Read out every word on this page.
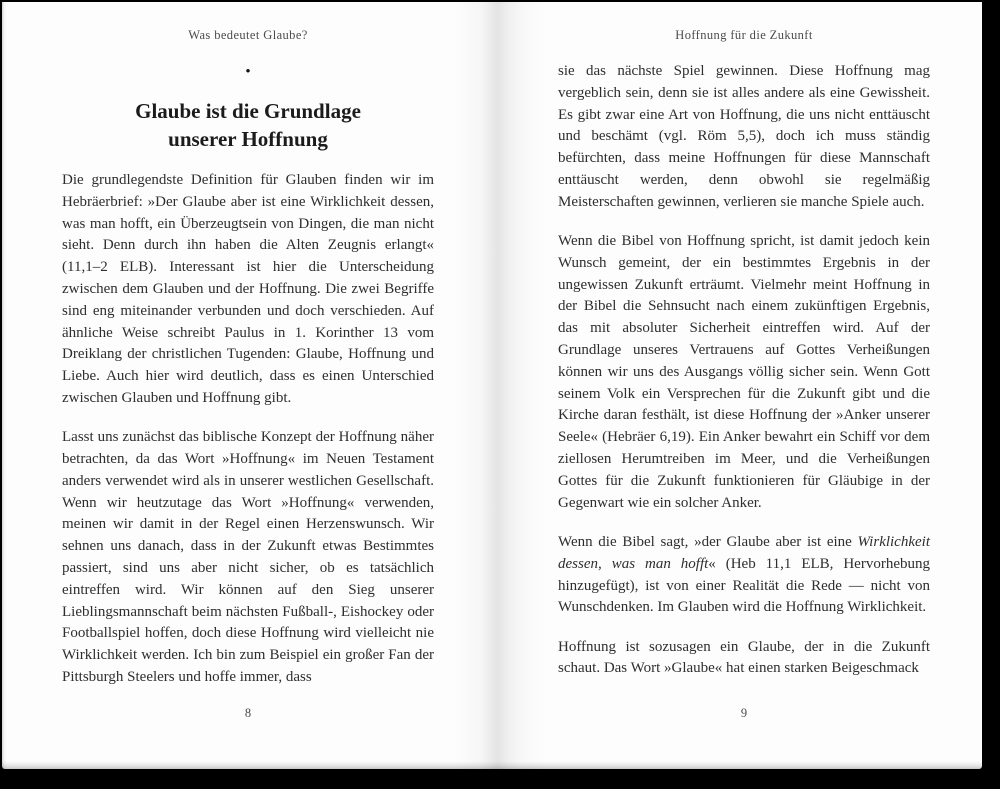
Was bedeutet Glaube?
•
Glaube ist die Grundlage
unserer Hoffnung

Die grundlegendste Definition für Glauben finden wir im Hebräerbrief: »Der Glaube aber ist eine Wirklichkeit dessen, was man hofft, ein Überzeugtsein von Dingen, die man nicht sieht. Denn durch ihn haben die Alten Zeugnis erlangt« (11,1–2 ELB). Interessant ist hier die Unterscheidung zwischen dem Glauben und der Hoffnung. Die zwei Begriffe sind eng miteinander verbunden und doch verschieden. Auf ähnliche Weise schreibt Paulus in 1. Korinther 13 vom Dreiklang der christlichen Tugenden: Glaube, Hoffnung und Liebe. Auch hier wird deutlich, dass es einen Unterschied zwischen Glauben und Hoffnung gibt.

Lasst uns zunächst das biblische Konzept der Hoffnung näher betrachten, da das Wort »Hoffnung« im Neuen Testament anders verwendet wird als in unserer westlichen Gesellschaft. Wenn wir heutzutage das Wort »Hoffnung« verwenden, meinen wir damit in der Regel einen Herzenswunsch. Wir sehnen uns danach, dass in der Zukunft etwas Bestimmtes passiert, sind uns aber nicht sicher, ob es tatsächlich eintreffen wird. Wir können auf den Sieg unserer Lieblingsmannschaft beim nächsten Fußball-, Eishockey oder Footballspiel hoffen, doch diese Hoffnung wird vielleicht nie Wirklichkeit werden. Ich bin zum Beispiel ein großer Fan der Pittsburgh Steelers und hoffe immer, dass

8
Hoffnung für die Zukunft

sie das nächste Spiel gewinnen. Diese Hoffnung mag vergeblich sein, denn sie ist alles andere als eine Gewissheit. Es gibt zwar eine Art von Hoffnung, die uns nicht enttäuscht und beschämt (vgl. Röm 5,5), doch ich muss ständig befürchten, dass meine Hoffnungen für diese Mannschaft enttäuscht werden, denn obwohl sie regelmäßig Meisterschaften gewinnen, verlieren sie manche Spiele auch.

Wenn die Bibel von Hoffnung spricht, ist damit jedoch kein Wunsch gemeint, der ein bestimmtes Ergebnis in der ungewissen Zukunft erträumt. Vielmehr meint Hoffnung in der Bibel die Sehnsucht nach einem zukünftigen Ergebnis, das mit absoluter Sicherheit eintreffen wird. Auf der Grundlage unseres Vertrauens auf Gottes Verheißungen können wir uns des Ausgangs völlig sicher sein. Wenn Gott seinem Volk ein Versprechen für die Zukunft gibt und die Kirche daran festhält, ist diese Hoffnung der »Anker unserer Seele« (Hebräer 6,19). Ein Anker bewahrt ein Schiff vor dem ziellosen Herumtreiben im Meer, und die Verheißungen Gottes für die Zukunft funktionieren für Gläubige in der Gegenwart wie ein solcher Anker.

Wenn die Bibel sagt, »der Glaube aber ist eine Wirklichkeit dessen, was man hofft« (Heb 11,1 ELB, Hervorhebung hinzugefügt), ist von einer Realität die Rede — nicht von Wunschdenken. Im Glauben wird die Hoffnung Wirklichkeit.

Hoffnung ist sozusagen ein Glaube, der in die Zukunft schaut. Das Wort »Glaube« hat einen starken Beigeschmack

9
